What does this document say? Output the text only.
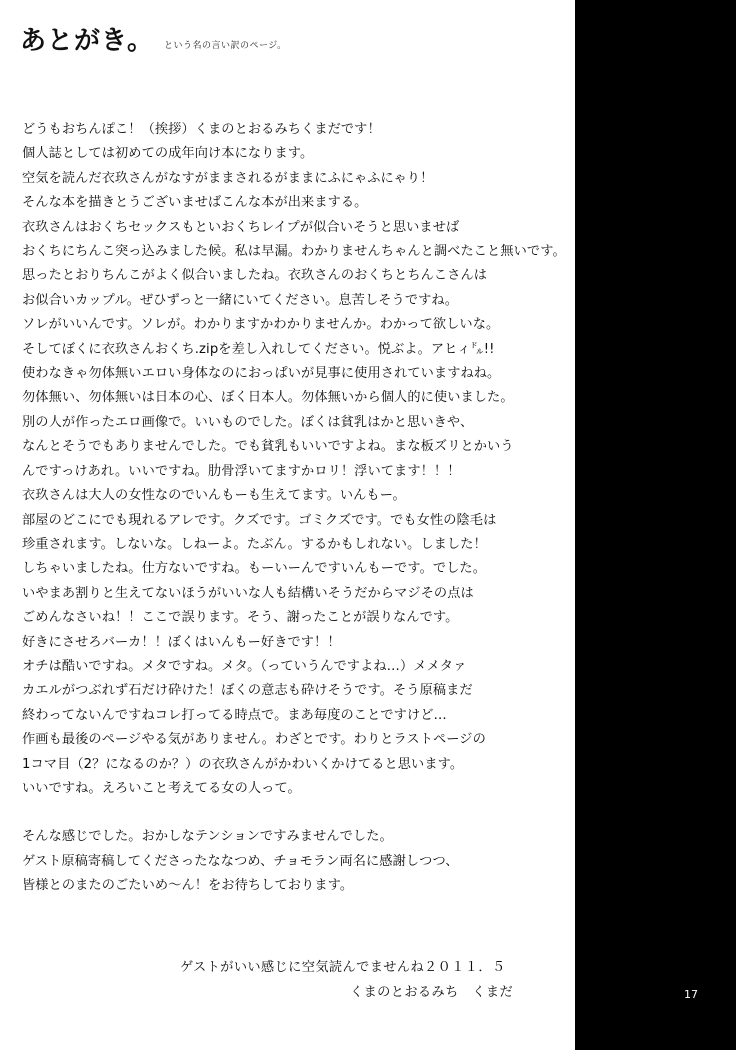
あとがき。 という名の言い訳のページ。
どうもおちんぽこ！（挨拶）くまのとおるみちくまだです！
個人誌としては初めての成年向け本になります。
空気を読んだ衣玖さんがなすがままされるがままにふにゃふにゃり！
そんな本を描きとうございませばこんな本が出来まする。
衣玖さんはおくちセックスもといおくちレイプが似合いそうと思いませば
おくちにちんこ突っ込みました候。私は早漏。わかりませんちゃんと調べたこと無いです。
思ったとおりちんこがよく似合いましたね。衣玖さんのおくちとちんこさんは
お似合いカップル。ぜひずっと一緒にいてください。息苦しそうですね。
ソレがいいんです。ソレが。わかりますかわかりませんか。わかって欲しいな。
そしてぼくに衣玖さんおくち.zipを差し入れしてください。悦ぶよ。アヒィ㌦!!
使わなきゃ勿体無いエロい身体なのにおっぱいが見事に使用されていますねね。
勿体無い、勿体無いは日本の心、ぼく日本人。勿体無いから個人的に使いました。
別の人が作ったエロ画像で。いいものでした。ぼくは貧乳はかと思いきや、
なんとそうでもありませんでした。でも貧乳もいいですよね。まな板ズリとかいう
んですっけあれ。いいですね。肋骨浮いてますかロリ！浮いてます！！！
衣玖さんは大人の女性なのでいんもーも生えてます。いんもー。
部屋のどこにでも現れるアレです。クズです。ゴミクズです。でも女性の陰毛は
珍重されます。しないな。しねーよ。たぶん。するかもしれない。しました！
しちゃいましたね。仕方ないですね。もーいーんですいんもーです。でした。
いやまあ割りと生えてないほうがいいな人も結構いそうだからマジその点は
ごめんなさいね！！ここで誤ります。そう、謝ったことが誤りなんです。
好きにさせろバーカ！！ぼくはいんもー好きです！！
オチは酷いですね。メタですね。メタ。（っていうんですよね…）メメタァ
カエルがつぶれず石だけ砕けた！ぼくの意志も砕けそうです。そう原稿まだ
終わってないんですねコレ打ってる時点で。まあ毎度のことですけど…
作画も最後のページやる気がありません。わざとです。わりとラストページの
1コマ目（2？になるのか？）の衣玖さんがかわいくかけてると思います。
いいですね。えろいこと考えてる女の人って。
そんな感じでした。おかしなテンションですみませんでした。
ゲスト原稿寄稿してくださったななつめ、チョモラン両名に感謝しつつ、
皆様とのまたのごたいめ〜ん！をお待ちしております。
ゲストがいい感じに空気読んでませんね２０１１．５
くまのとおるみち　くまだ	17
